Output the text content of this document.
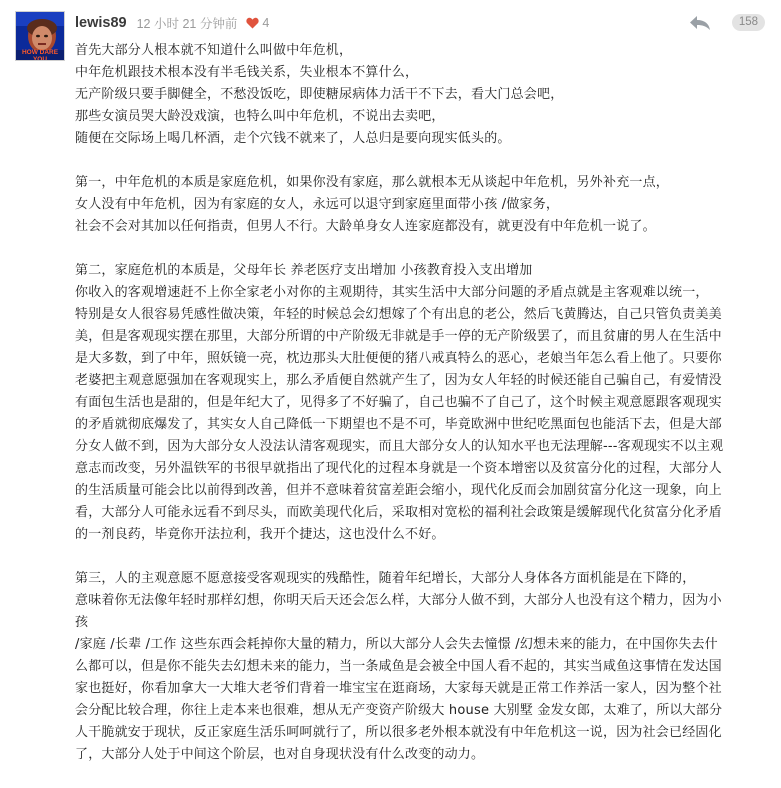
HOW DARE YOU
lewis89 12 小时 21 分钟前 4	158

首先大部分人根本就不知道什么叫做中年危机，

中年危机跟技术根本没有半毛钱关系，失业根本不算什么，

无产阶级只要手脚健全，不愁没饭吃，即使糖尿病体力活干不下去，看大门总会吧，

那些女演员哭大龄没戏演，也特么叫中年危机，不说出去卖吧，

随便在交际场上喝几杯酒，走个穴钱不就来了，人总归是要向现实低头的。

第一，中年危机的本质是家庭危机，如果你没有家庭，那么就根本无从谈起中年危机，另外补充一点，

女人没有中年危机，因为有家庭的女人，永远可以退守到家庭里面带小孩 /做家务，

社会不会对其加以任何指责，但男人不行。大龄单身女人连家庭都没有，就更没有中年危机一说了。

第二，家庭危机的本质是，父母年长 养老医疗支出增加 小孩教育投入支出增加

你收入的客观增速赶不上你全家老小对你的主观期待，其实生活中大部分问题的矛盾点就是主客观难以统一，

特别是女人很容易凭感性做决策，年轻的时候总会幻想嫁了个有出息的老公，然后飞黄腾达，自己只管负责美美

美，但是客观现实摆在那里，大部分所谓的中产阶级无非就是手一停的无产阶级罢了，而且贫庸的男人在生活中

是大多数，到了中年，照妖镜一亮，枕边那头大肚便便的猪八戒真特么的恶心，老娘当年怎么看上他了。只要你

老婆把主观意愿强加在客观现实上，那么矛盾便自然就产生了，因为女人年轻的时候还能自己骗自己，有爱情没

有面包生活也是甜的，但是年纪大了，见得多了不好骗了，自己也骗不了自己了，这个时候主观意愿跟客观现实

的矛盾就彻底爆发了，其实女人自己降低一下期望也不是不可，毕竟欧洲中世纪吃黑面包也能活下去，但是大部

分女人做不到，因为大部分女人没法认清客观现实，而且大部分女人的认知水平也无法理解---客观现实不以主观

意志而改变，另外温铁军的书很早就指出了现代化的过程本身就是一个资本增密以及贫富分化的过程，大部分人

的生活质量可能会比以前得到改善，但并不意味着贫富差距会缩小，现代化反而会加剧贫富分化这一现象，向上

看，大部分人可能永远看不到尽头，而欧美现代化后，采取相对宽松的福利社会政策是缓解现代化贫富分化矛盾

的一剂良药，毕竟你开法拉利，我开个捷达，这也没什么不好。

第三，人的主观意愿不愿意接受客观现实的残酷性，随着年纪增长，大部分人身体各方面机能是在下降的，

意味着你无法像年轻时那样幻想，你明天后天还会怎么样，大部分人做不到，大部分人也没有这个精力，因为小

孩

/家庭 /长辈 /工作 这些东西会耗掉你大量的精力，所以大部分人会失去憧憬 /幻想未来的能力，在中国你失去什

么都可以，但是你不能失去幻想未来的能力，当一条咸鱼是会被全中国人看不起的，其实当咸鱼这事情在发达国

家也挺好，你看加拿大一大堆大老爷们背着一堆宝宝在逛商场，大家每天就是正常工作养活一家人，因为整个社

会分配比较合理，你往上走本来也很难，想从无产变资产阶级大 house 大别墅 金发女郎，太难了，所以大部分

人干脆就安于现状，反正家庭生活乐呵呵就行了，所以很多老外根本就没有中年危机这一说，因为社会已经固化

了，大部分人处于中间这个阶层，也对自身现状没有什么改变的动力。
